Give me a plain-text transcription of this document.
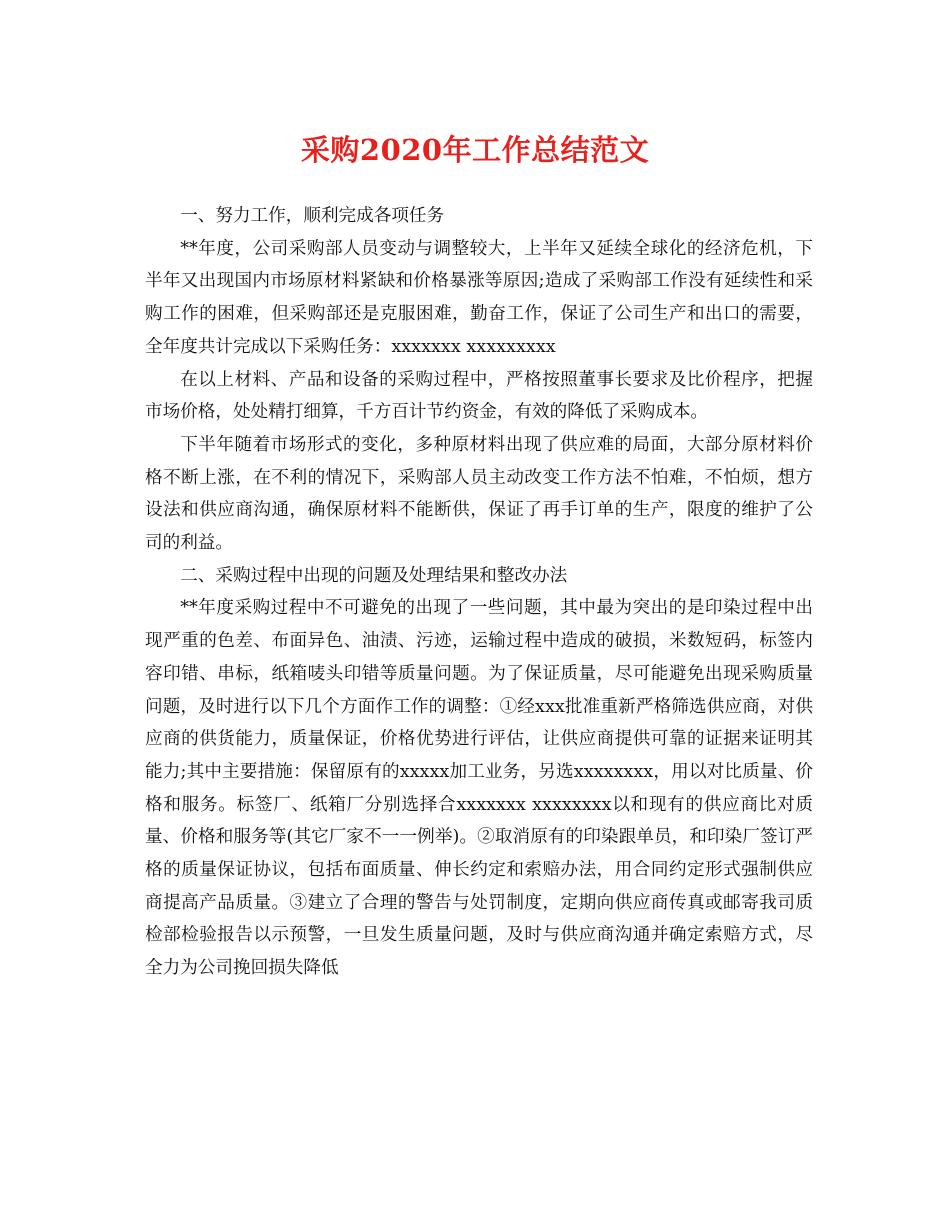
采购2020年工作总结范文

一、努力工作，顺利完成各项任务

**年度，公司采购部人员变动与调整较大，上半年又延续全球化的经济危机，下半年又出现国内市场原材料紧缺和价格暴涨等原因;造成了采购部工作没有延续性和采购工作的困难，但采购部还是克服困难，勤奋工作，保证了公司生产和出口的需要，全年度共计完成以下采购任务：xxxxxxx xxxxxxxxx

在以上材料、产品和设备的采购过程中，严格按照董事长要求及比价程序，把握市场价格，处处精打细算，千方百计节约资金，有效的降低了采购成本。

下半年随着市场形式的变化，多种原材料出现了供应难的局面，大部分原材料价格不断上涨，在不利的情况下，采购部人员主动改变工作方法不怕难，不怕烦，想方设法和供应商沟通，确保原材料不能断供，保证了再手订单的生产，限度的维护了公司的利益。

二、采购过程中出现的问题及处理结果和整改办法

**年度采购过程中不可避免的出现了一些问题，其中最为突出的是印染过程中出现严重的色差、布面异色、油渍、污迹，运输过程中造成的破损，米数短码，标签内容印错、串标，纸箱唛头印错等质量问题。为了保证质量，尽可能避免出现采购质量问题，及时进行以下几个方面作工作的调整：①经xxx批准重新严格筛选供应商，对供应商的供货能力，质量保证，价格优势进行评估，让供应商提供可靠的证据来证明其能力;其中主要措施：保留原有的xxxxx加工业务，另选xxxxxxxx，用以对比质量、价格和服务。标签厂、纸箱厂分别选择合xxxxxxx xxxxxxxx以和现有的供应商比对质量、价格和服务等(其它厂家不一一例举)。②取消原有的印染跟单员，和印染厂签订严格的质量保证协议，包括布面质量、伸长约定和索赔办法，用合同约定形式强制供应商提高产品质量。③建立了合理的警告与处罚制度，定期向供应商传真或邮寄我司质检部检验报告以示预警，一旦发生质量问题，及时与供应商沟通并确定索赔方式，尽全力为公司挽回损失降低
